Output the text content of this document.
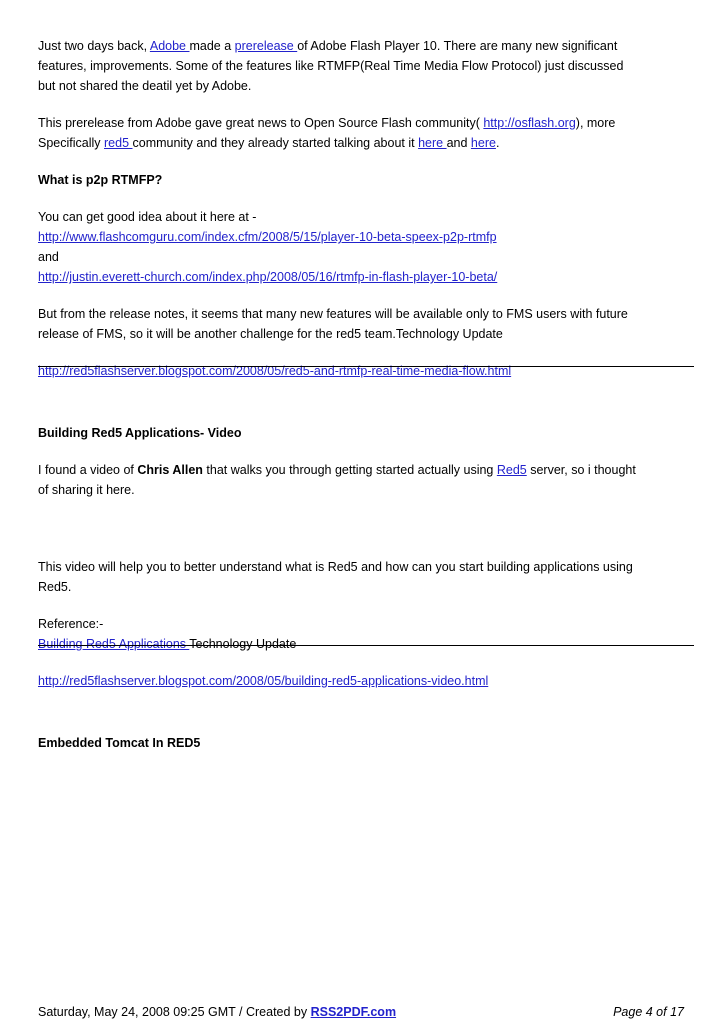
Just two days back, Adobe made a prerelease of Adobe Flash Player 10. There are many new significant
features, improvements. Some of the features like RTMFP(Real Time Media Flow Protocol) just discussed
but not shared the deatil yet by Adobe.

This prerelease from Adobe gave great news to Open Source Flash community( http://osflash.org), more
Specifically red5 community and they already started talking about it here and here.

What is p2p RTMFP?

You can get good idea about it here at -
http://www.flashcomguru.com/index.cfm/2008/5/15/player-10-beta-speex-p2p-rtmfp
and
http://justin.everett-church.com/index.php/2008/05/16/rtmfp-in-flash-player-10-beta/

But from the release notes, it seems that many new features will be available only to FMS users with future
release of FMS, so it will be another challenge for the red5 team.Technology Update

http://red5flashserver.blogspot.com/2008/05/red5-and-rtmfp-real-time-media-flow.html

Building Red5 Applications- Video

I found a video of Chris Allen that walks you through getting started actually using Red5 server, so i thought
of sharing it here.

This video will help you to better understand what is Red5 and how can you start building applications using
Red5.

Reference:-
Building Red5 Applications Technology Update

http://red5flashserver.blogspot.com/2008/05/building-red5-applications-video.html

Embedded Tomcat In RED5

Saturday, May 24, 2008 09:25 GMT / Created by RSS2PDF.com	Page 4 of 17
